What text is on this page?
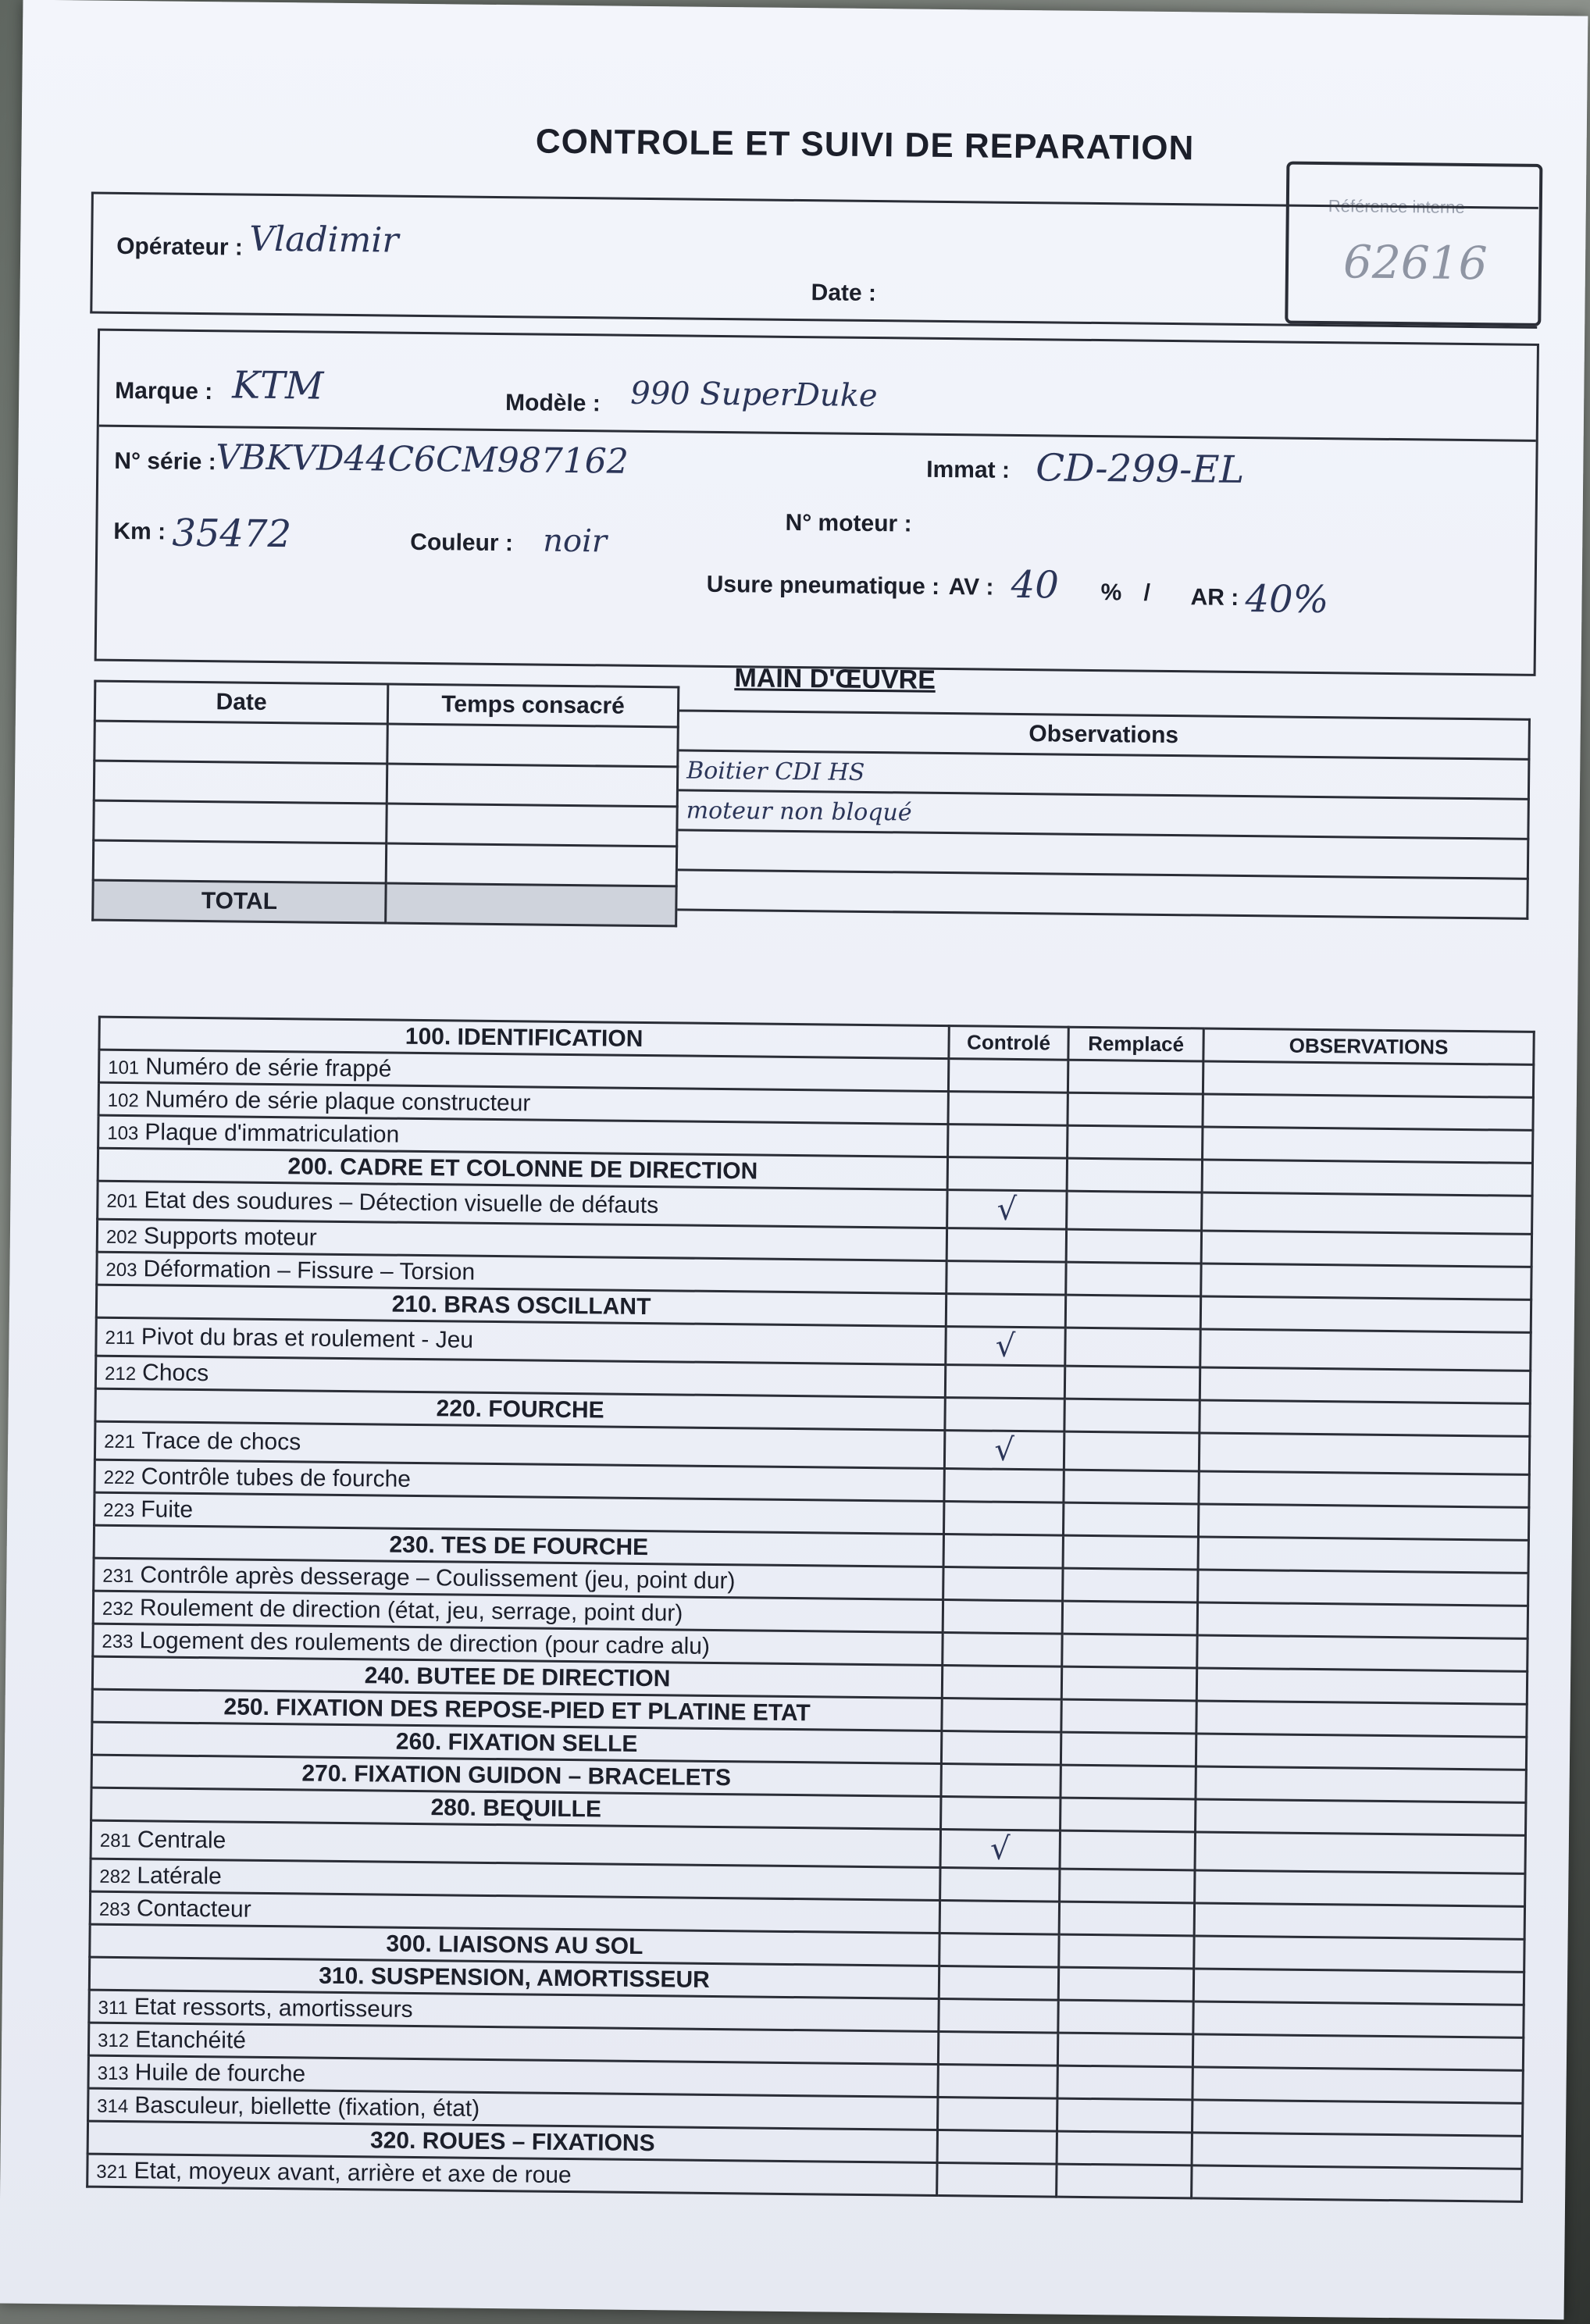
CONTROLE ET SUIVI DE REPARATION
Référence interne
62616
Opérateur : Vladimir
Date :
Marque : KTM	Modèle : 990 SuperDuke
N° série : VBKVD44C6CM987162	Immat : CD-299-EL
N° moteur :
Km : 35472	Couleur : noir
Usure pneumatique : AV : 40 % / AR : 40%
MAIN D'ŒUVRE
Date	Temps consacré

TOTAL	
Observations
Boitier CDI HS
moteur non bloqué

100. IDENTIFICATION	Controlé	Remplacé	OBSERVATIONS
101 Numéro de série frappé			
102 Numéro de série plaque constructeur			
103 Plaque d'immatriculation			
200. CADRE ET COLONNE DE DIRECTION			
201 Etat des soudures – Détection visuelle de défauts	√		
202 Supports moteur			
203 Déformation – Fissure – Torsion			
210. BRAS OSCILLANT			
211 Pivot du bras et roulement - Jeu	√		
212 Chocs			
220. FOURCHE			
221 Trace de chocs	√		
222 Contrôle tubes de fourche			
223 Fuite			
230. TES DE FOURCHE			
231 Contrôle après desserage – Coulissement (jeu, point dur)			
232 Roulement de direction (état, jeu, serrage, point dur)			
233 Logement des roulements de direction (pour cadre alu)			
240. BUTEE DE DIRECTION			
250. FIXATION DES REPOSE-PIED ET PLATINE ETAT			
260. FIXATION SELLE			
270. FIXATION GUIDON – BRACELETS			
280. BEQUILLE			
281 Centrale	√		
282 Latérale			
283 Contacteur			
300. LIAISONS AU SOL			
310. SUSPENSION, AMORTISSEUR			
311 Etat ressorts, amortisseurs			
312 Etanchéité			
313 Huile de fourche			
314 Basculeur, biellette (fixation, état)			
320. ROUES – FIXATIONS			
321 Etat, moyeux avant, arrière et axe de roue			
